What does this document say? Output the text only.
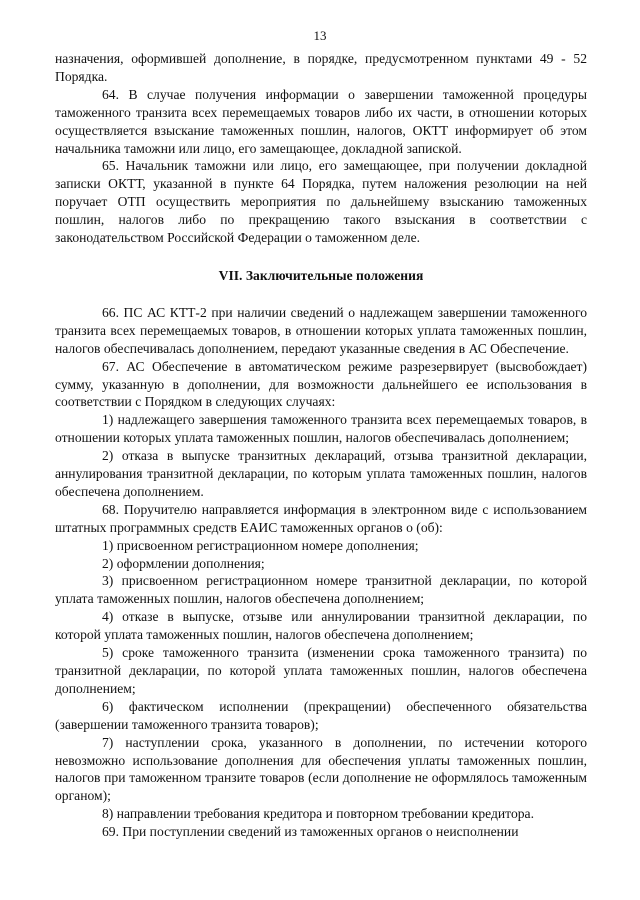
13

назначения, оформившей дополнение, в порядке, предусмотренном пунктами 49 - 52 Порядка.

64. В случае получения информации о завершении таможенной процедуры таможенного транзита всех перемещаемых товаров либо их части, в отношении которых осуществляется взыскание таможенных пошлин, налогов, ОКТТ информирует об этом начальника таможни или лицо, его замещающее, докладной запиской.

65. Начальник таможни или лицо, его замещающее, при получении докладной записки ОКТТ, указанной в пункте 64 Порядка, путем наложения резолюции на ней поручает ОТП осуществить мероприятия по дальнейшему взысканию таможенных пошлин, налогов либо по прекращению такого взыскания в соответствии с законодательством Российской Федерации о таможенном деле.

VII. Заключительные положения

66. ПС АС КТТ-2 при наличии сведений о надлежащем завершении таможенного транзита всех перемещаемых товаров, в отношении которых уплата таможенных пошлин, налогов обеспечивалась дополнением, передают указанные сведения в АС Обеспечение.

67. АС Обеспечение в автоматическом режиме разрезервирует (высвобождает) сумму, указанную в дополнении, для возможности дальнейшего ее использования в соответствии с Порядком в следующих случаях:

1) надлежащего завершения таможенного транзита всех перемещаемых товаров, в отношении которых уплата таможенных пошлин, налогов обеспечивалась дополнением;

2) отказа в выпуске транзитных деклараций, отзыва транзитной декларации, аннулирования транзитной декларации, по которым уплата таможенных пошлин, налогов обеспечена дополнением.

68. Поручителю направляется информация в электронном виде с использованием штатных программных средств ЕАИС таможенных органов о (об):

1) присвоенном регистрационном номере дополнения;

2) оформлении дополнения;

3) присвоенном регистрационном номере транзитной декларации, по которой уплата таможенных пошлин, налогов обеспечена дополнением;

4) отказе в выпуске, отзыве или аннулировании транзитной декларации, по которой уплата таможенных пошлин, налогов обеспечена дополнением;

5) сроке таможенного транзита (изменении срока таможенного транзита) по транзитной декларации, по которой уплата таможенных пошлин, налогов обеспечена дополнением;

6) фактическом исполнении (прекращении) обеспеченного обязательства (завершении таможенного транзита товаров);

7) наступлении срока, указанного в дополнении, по истечении которого невозможно использование дополнения для обеспечения уплаты таможенных пошлин, налогов при таможенном транзите товаров (если дополнение не оформлялось таможенным органом);

8) направлении требования кредитора и повторном требовании кредитора.

69. При поступлении сведений из таможенных органов о неисполнении
